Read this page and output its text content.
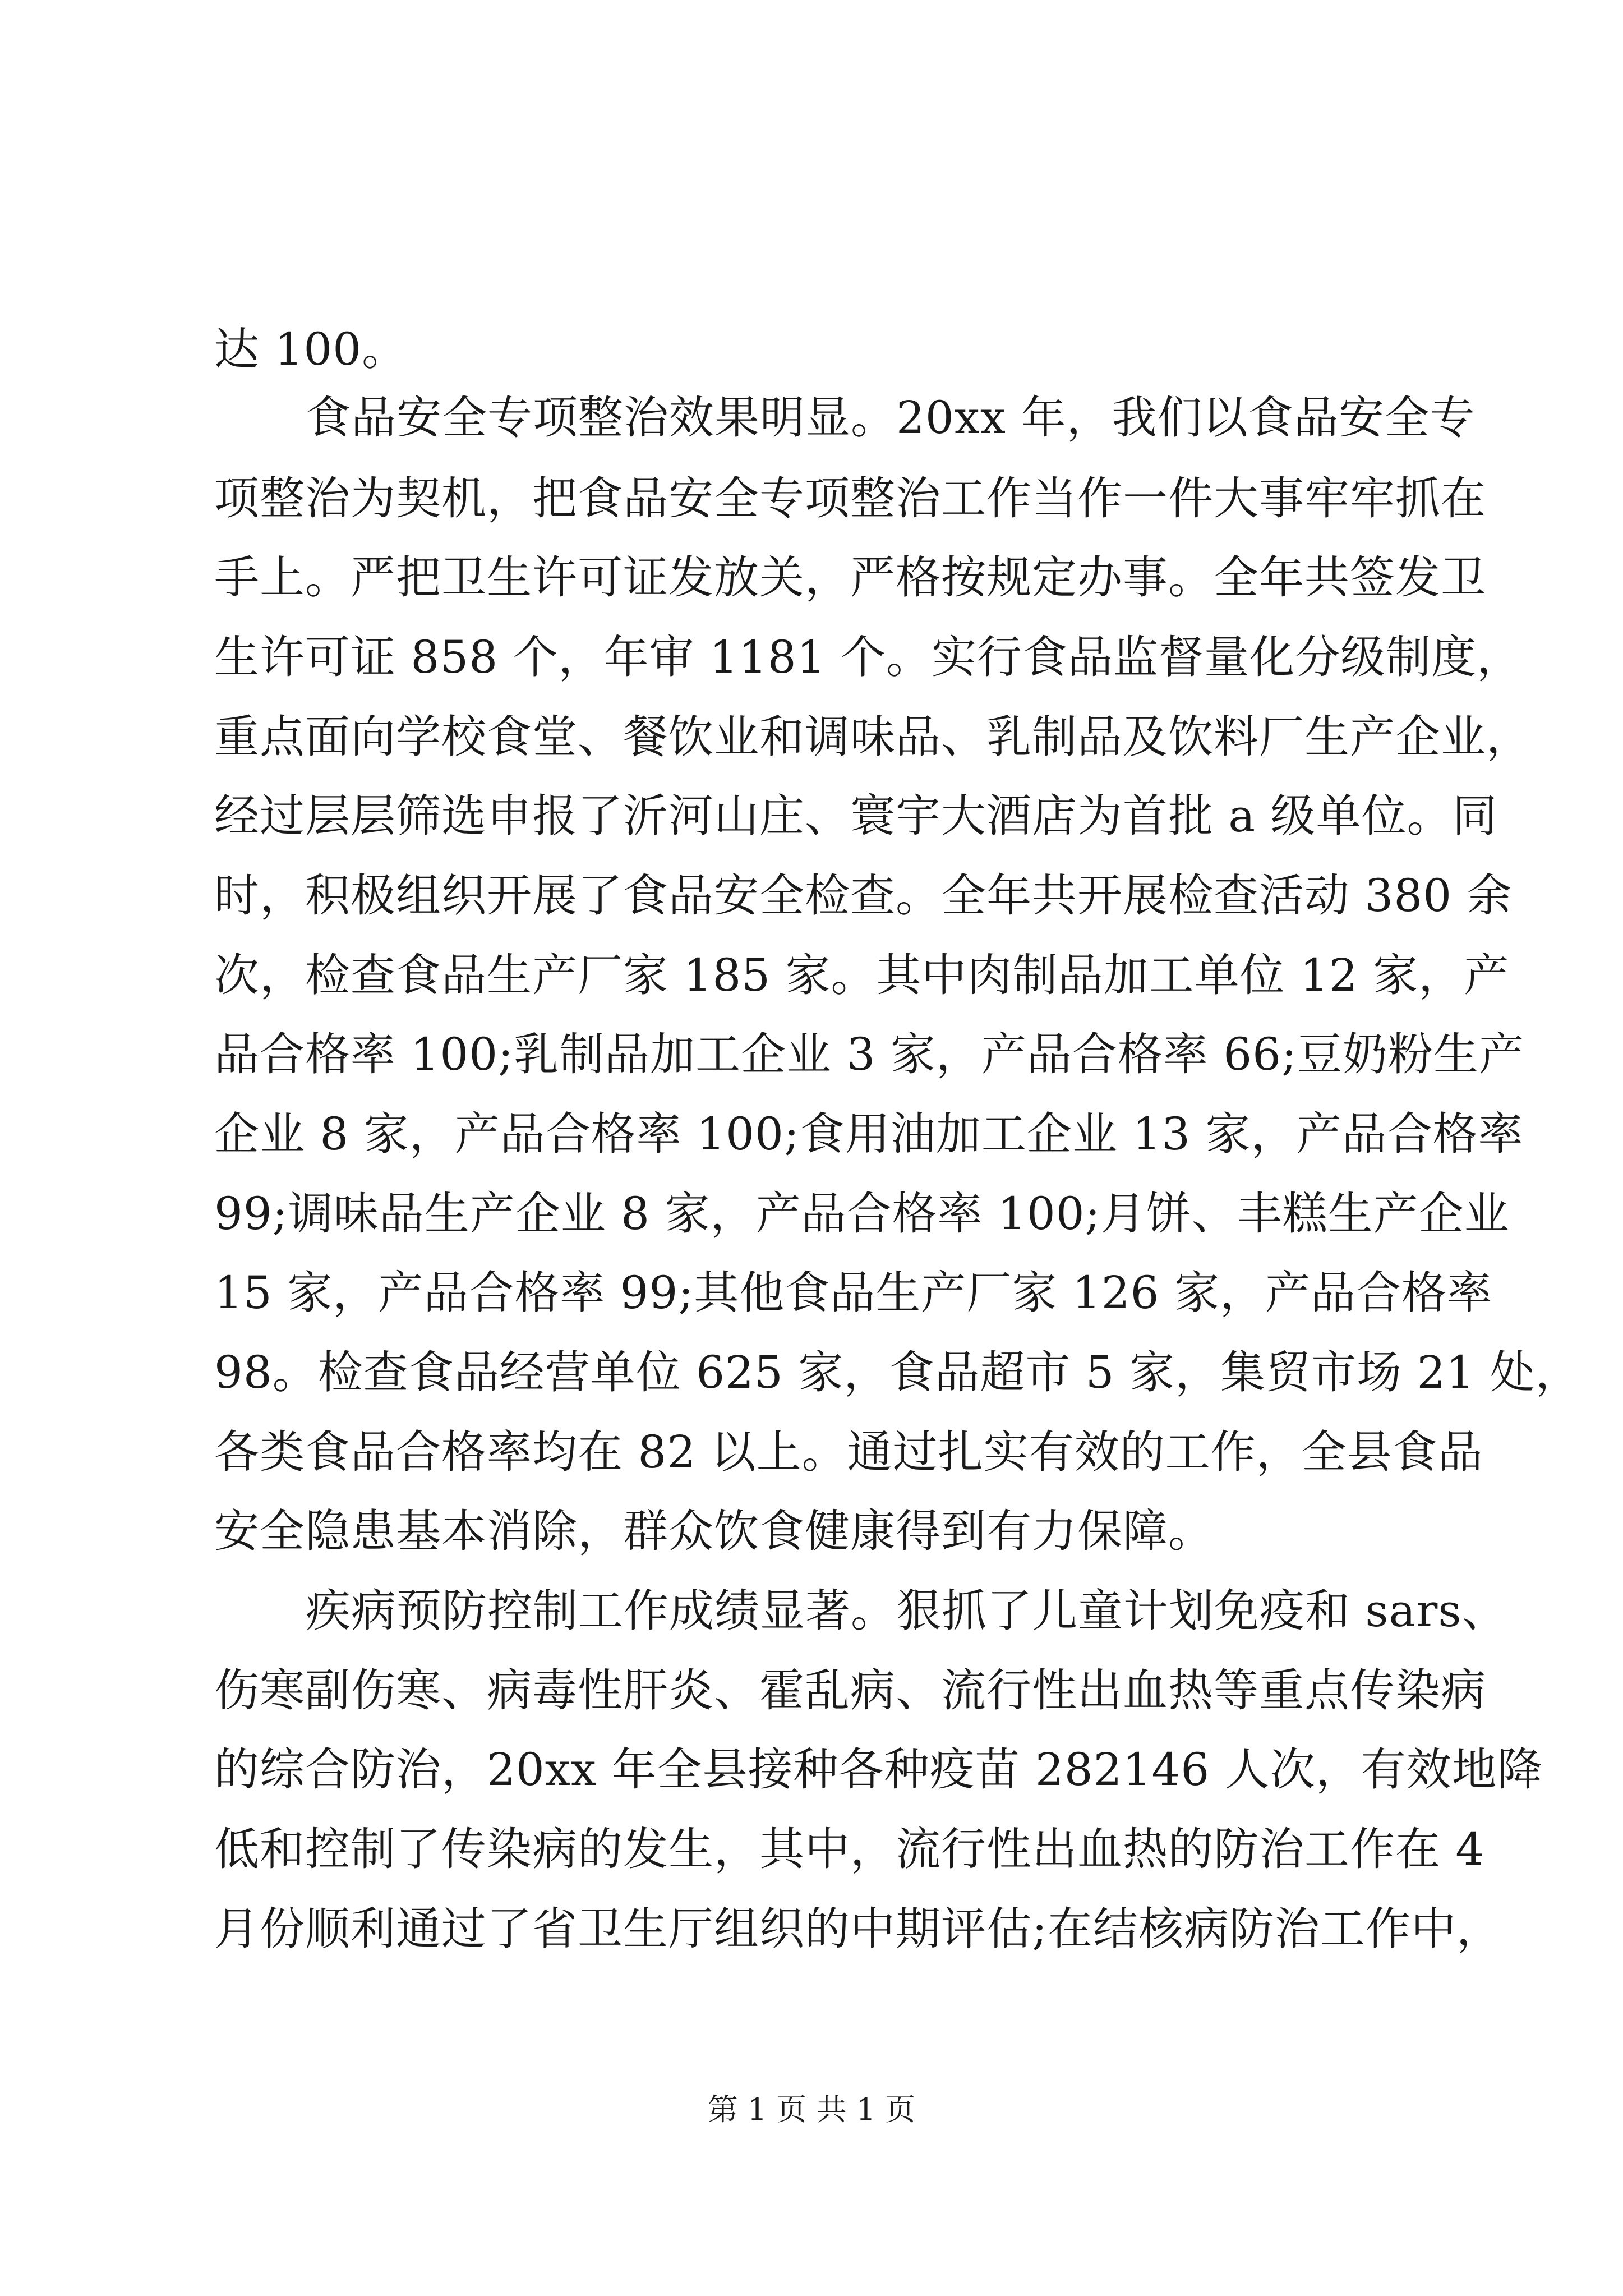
达 100。
食品安全专项整治效果明显。20xx 年，我们以食品安全专
项整治为契机，把食品安全专项整治工作当作一件大事牢牢抓在
手上。严把卫生许可证发放关，严格按规定办事。全年共签发卫
生许可证 858 个，年审 1181 个。实行食品监督量化分级制度，
重点面向学校食堂、餐饮业和调味品、乳制品及饮料厂生产企业，
经过层层筛选申报了沂河山庄、寰宇大酒店为首批 a 级单位。同
时，积极组织开展了食品安全检查。全年共开展检查活动 380 余
次，检查食品生产厂家 185 家。其中肉制品加工单位 12 家，产
品合格率 100;乳制品加工企业 3 家，产品合格率 66;豆奶粉生产
企业 8 家，产品合格率 100;食用油加工企业 13 家，产品合格率
99;调味品生产企业 8 家，产品合格率 100;月饼、丰糕生产企业
15 家，产品合格率 99;其他食品生产厂家 126 家，产品合格率
98。检查食品经营单位 625 家，食品超市 5 家，集贸市场 21 处，
各类食品合格率均在 82 以上。通过扎实有效的工作，全县食品
安全隐患基本消除，群众饮食健康得到有力保障。
疾病预防控制工作成绩显著。狠抓了儿童计划免疫和 sars、
伤寒副伤寒、病毒性肝炎、霍乱病、流行性出血热等重点传染病
的综合防治，20xx 年全县接种各种疫苗 282146 人次，有效地降
低和控制了传染病的发生，其中，流行性出血热的防治工作在 4
月份顺利通过了省卫生厅组织的中期评估;在结核病防治工作中，
第 1 页 共 1 页
